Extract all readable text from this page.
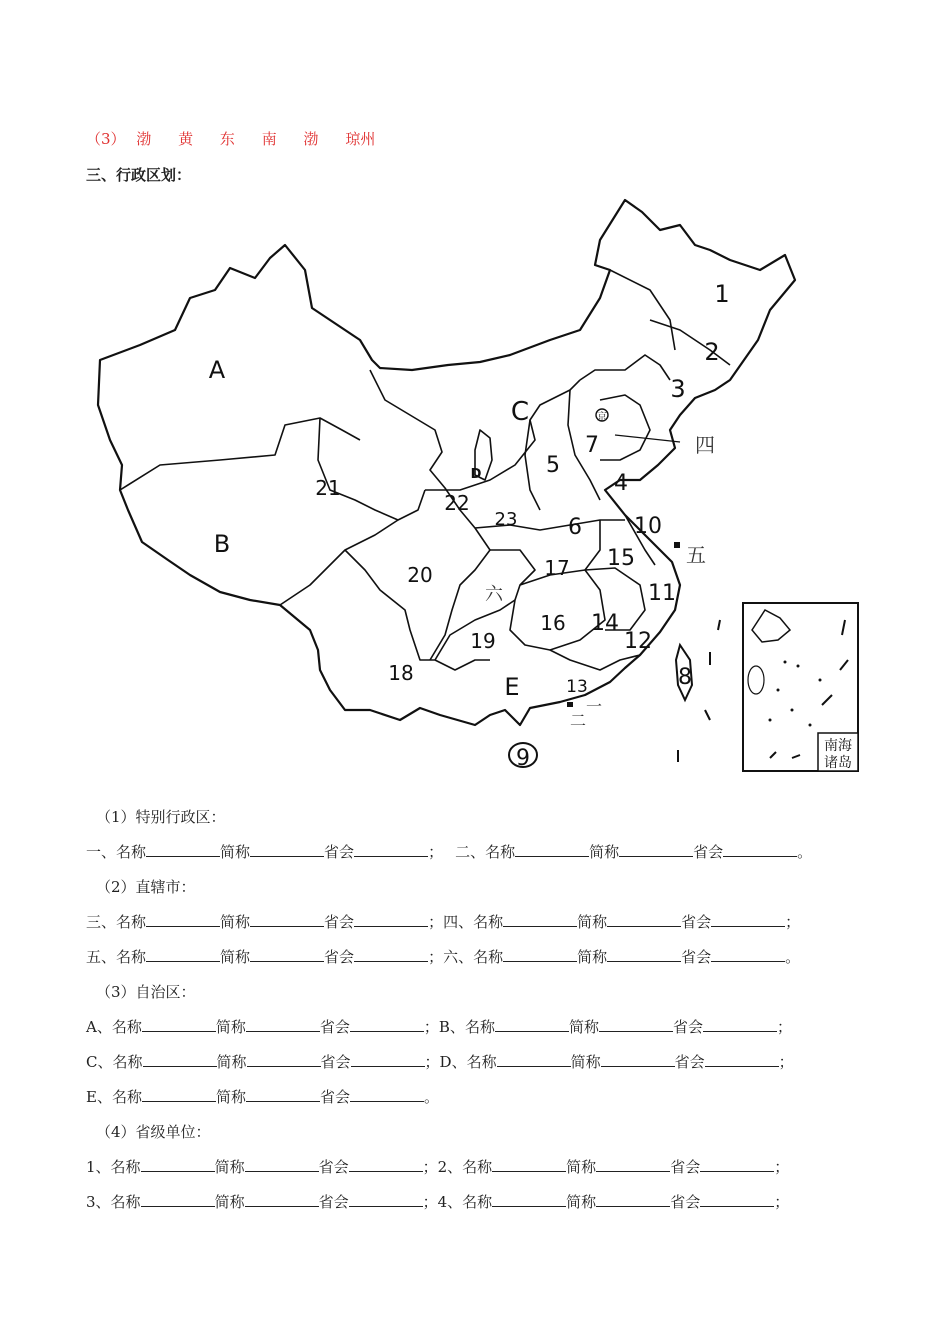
（3） 渤 黄 东 南 渤 琼州
三、行政区划：
南海
诸岛
A
B
C
D
E
1
2
3
4
5
6
7
8
9
10
11
12
13
14
15
16
17
18
19
20
21
22
23
四
五
六
一
二
京
（1）特别行政区：
一、名称	简称	省会	； 二、名称	简称	省会	。
（2）直辖市：
三、名称	简称	省会	；四、名称	简称	省会	；
五、名称	简称	省会	；六、名称	简称	省会	。
（3）自治区：
A、名称	简称	省会	；B、名称	简称	省会	；
C、名称	简称	省会	；D、名称	简称	省会	；
E、名称	简称	省会	。
（4）省级单位：
1、名称	简称	省会	；2、名称	简称	省会	；
3、名称	简称	省会	；4、名称	简称	省会	；
